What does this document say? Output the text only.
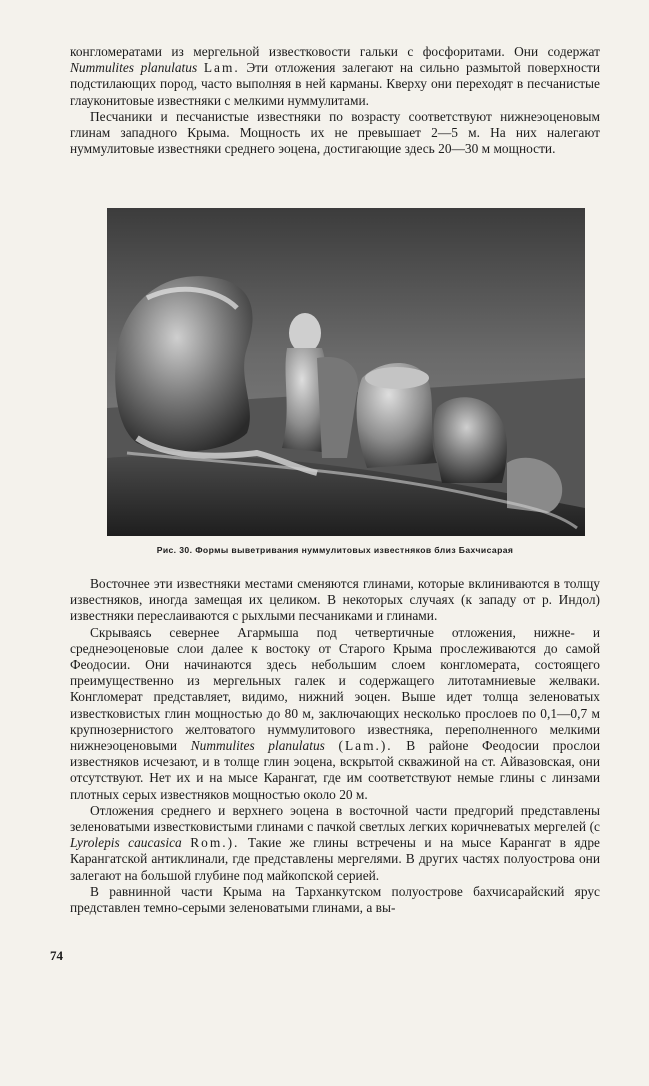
конгломератами из мергельной известковости гальки с фосфоритами. Они содержат Nummulites planulatus Lam. Эти отложения залегают на сильно размытой поверхности подстилающих пород, часто выполняя в ней карманы. Кверху они переходят в песчанистые глауконитовые известняки с мелкими нуммулитами.

Песчаники и песчанистые известняки по возрасту соответствуют нижнеэоценовым глинам западного Крыма. Мощность их не превышает 2—5 м. На них налегают нуммулитовые известняки среднего эоцена, достигающие здесь 20—30 м мощности.

Рис. 30. Формы выветривания нуммулитовых известняков близ Бахчисарая

Восточнее эти известняки местами сменяются глинами, которые вклиниваются в толщу известняков, иногда замещая их целиком. В некоторых случаях (к западу от р. Индол) известняки переслаиваются с рыхлыми песчаниками и глинами.

Скрываясь севернее Агармыша под четвертичные отложения, нижне- и среднеэоценовые слои далее к востоку от Старого Крыма прослеживаются до самой Феодосии. Они начинаются здесь небольшим слоем конгломерата, состоящего преимущественно из мергельных галек и содержащего литотамниевые желваки. Конгломерат представляет, видимо, нижний эоцен. Выше идет толща зеленоватых известковистых глин мощностью до 80 м, заключающих несколько прослоев по 0,1—0,7 м крупнозернистого желтоватого нуммулитового известняка, переполненного мелкими нижнеэоценовыми Nummulites planulatus (Lam.). В районе Феодосии прослои известняков исчезают, и в толще глин эоцена, вскрытой скважиной на ст. Айвазовская, они отсутствуют. Нет их и на мысе Карангат, где им соответствуют немые глины с линзами плотных серых известняков мощностью около 20 м.

Отложения среднего и верхнего эоцена в восточной части предгорий представлены зеленоватыми известковистыми глинами с пачкой светлых легких коричневатых мергелей (с Lyrolepis caucasica Rom.). Такие же глины встречены и на мысе Карангат в ядре Карангатской антиклинали, где представлены мергелями. В других частях полуострова они залегают на большой глубине под майкопской серией.

В равнинной части Крыма на Тарханкутском полуострове бахчисарайский ярус представлен темно-серыми зеленоватыми глинами, а вы-

74
